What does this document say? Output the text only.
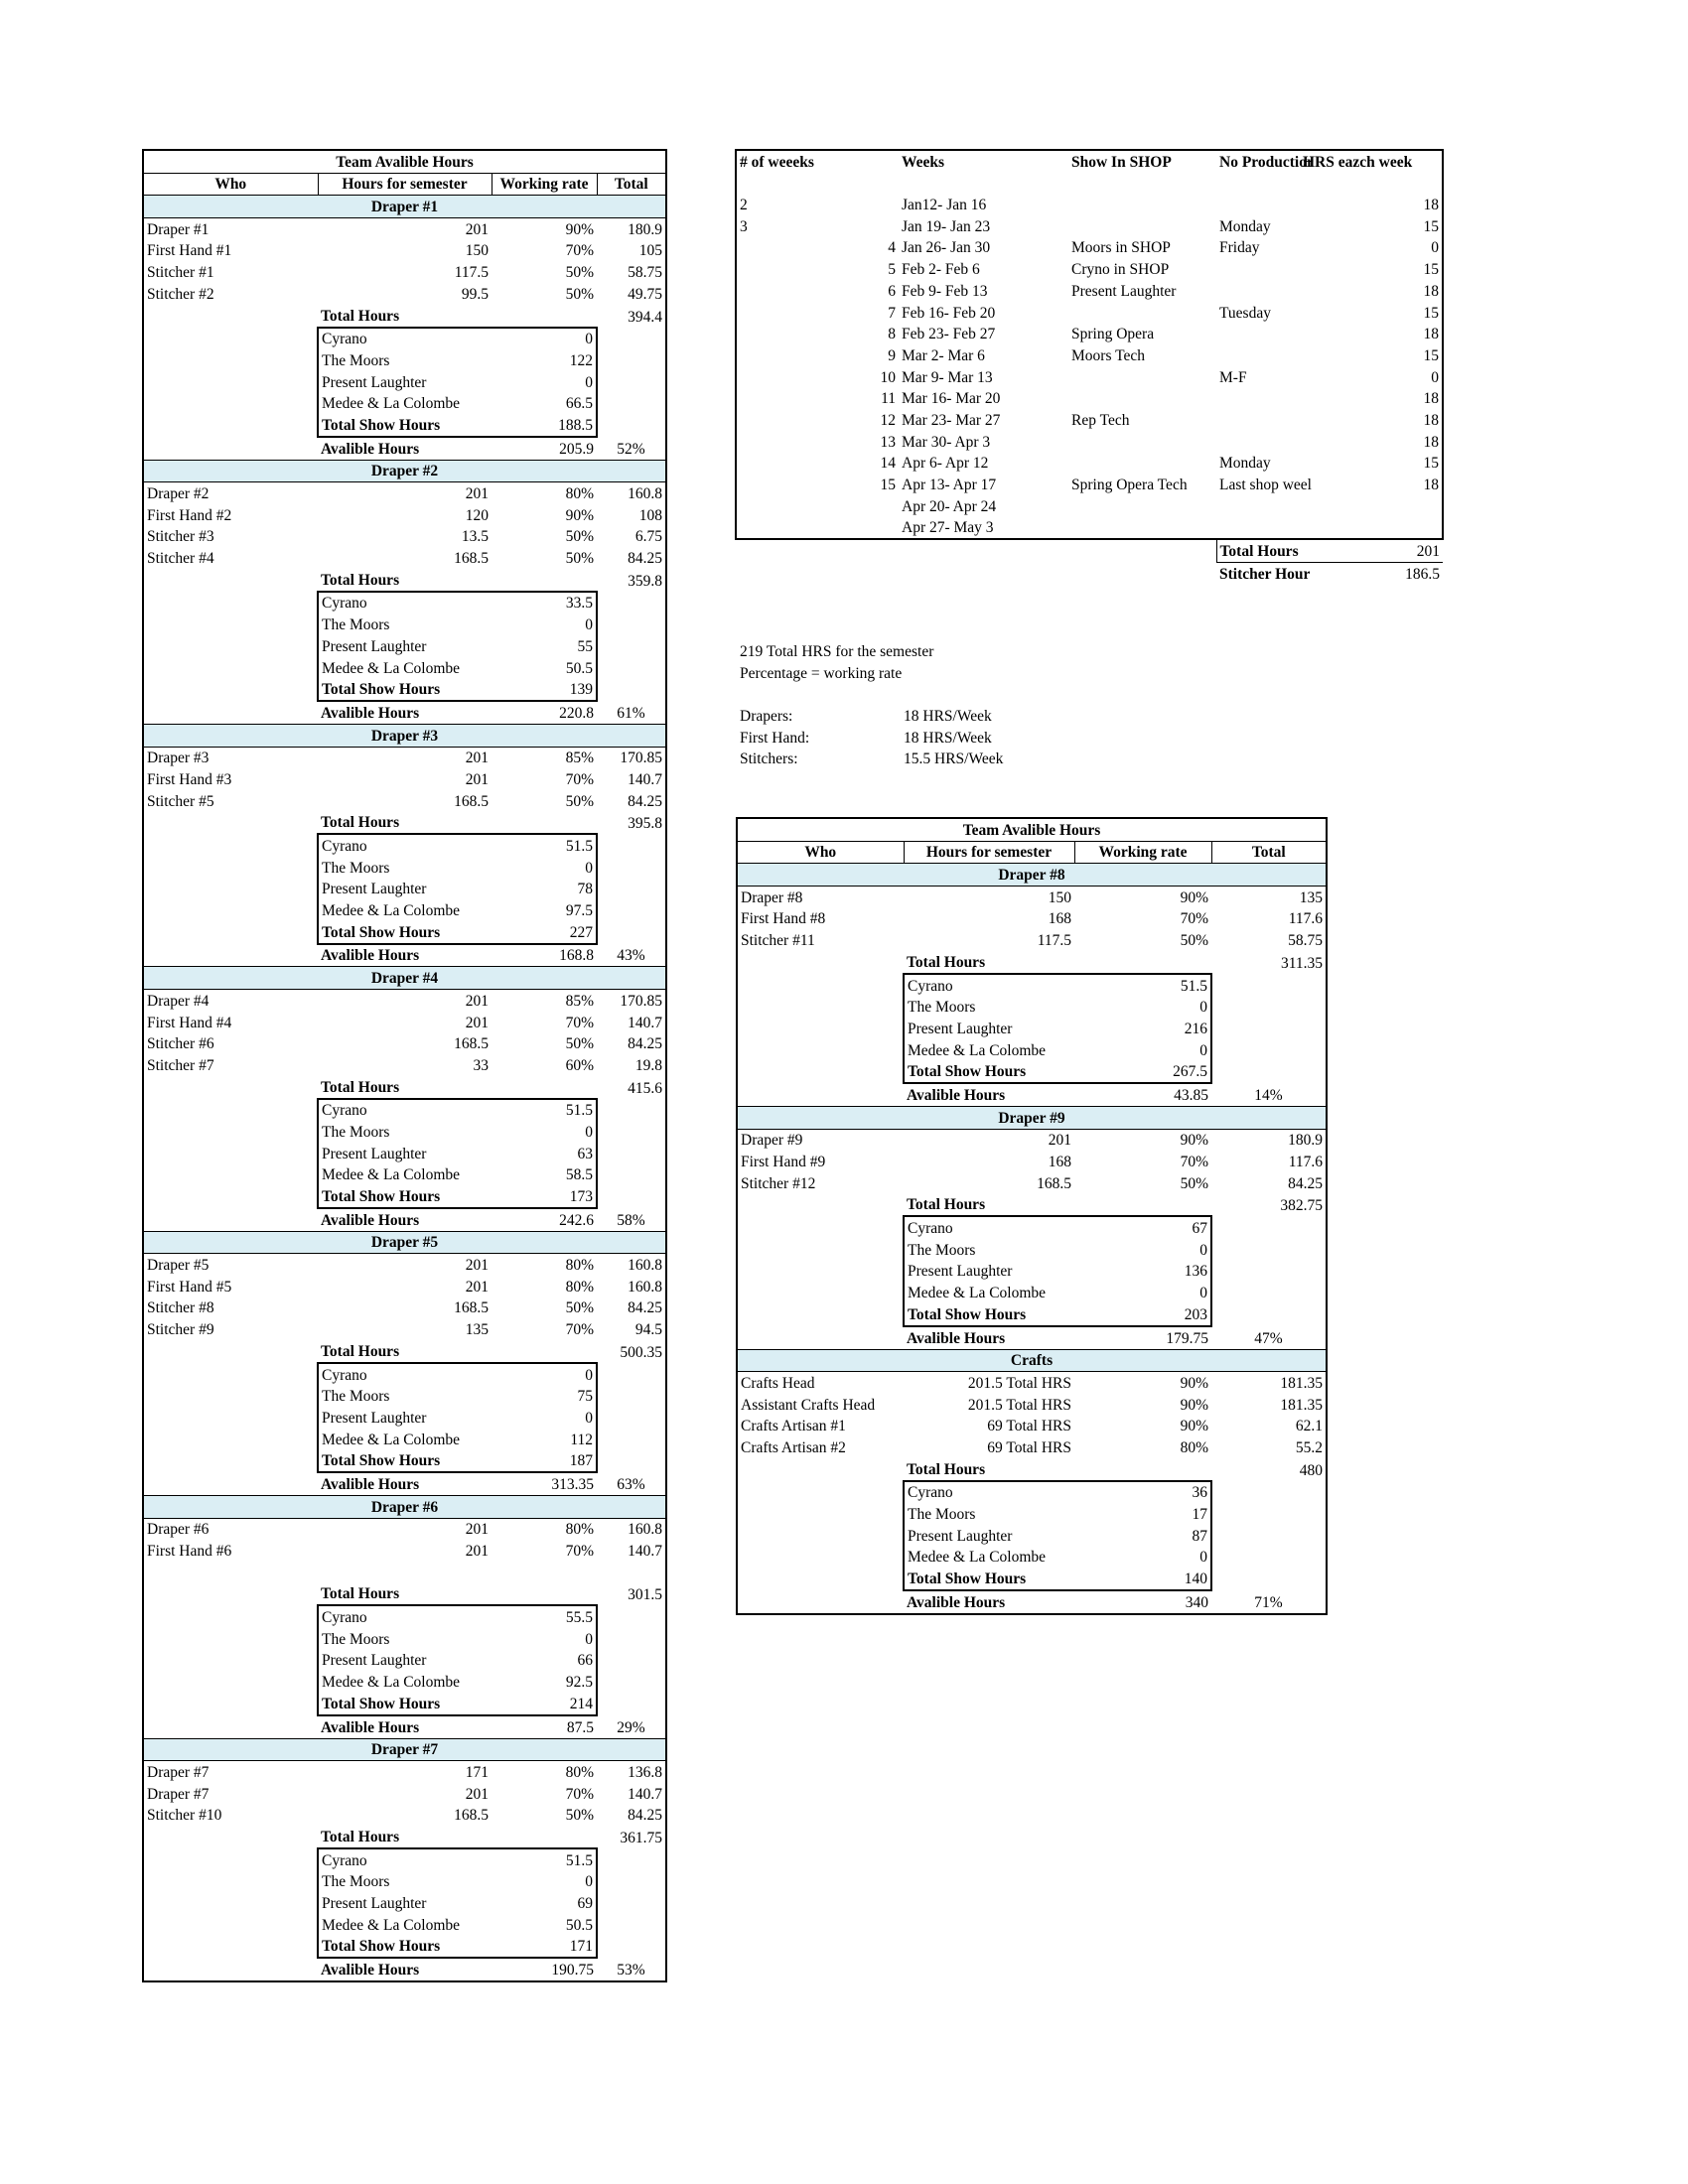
Team Avalible Hours			
Who	Hours for semester	Working rate	Total
Draper #1			
Draper #1	201	90%	180.9
First Hand #1	150	70%	105
Stitcher #1	117.5	50%	58.75
Stitcher #2	99.5	50%	49.75
	Total Hours		394.4
	Cyrano	0	
	The Moors	122	
	Present Laughter	0	
	Medee & La Colombe	66.5	
	Total Show Hours	188.5	
	Avalible Hours	205.9	52%
Draper #2			
Draper #2	201	80%	160.8
First Hand #2	120	90%	108
Stitcher #3	13.5	50%	6.75
Stitcher #4	168.5	50%	84.25
	Total Hours		359.8
	Cyrano	33.5	
	The Moors	0	
	Present Laughter	55	
	Medee & La Colombe	50.5	
	Total Show Hours	139	
	Avalible Hours	220.8	61%
Draper #3			
Draper #3	201	85%	170.85
First Hand #3	201	70%	140.7
Stitcher #5	168.5	50%	84.25
	Total Hours		395.8
	Cyrano	51.5	
	The Moors	0	
	Present Laughter	78	
	Medee & La Colombe	97.5	
	Total Show Hours	227	
	Avalible Hours	168.8	43%
Draper #4			
Draper #4	201	85%	170.85
First Hand #4	201	70%	140.7
Stitcher #6	168.5	50%	84.25
Stitcher #7	33	60%	19.8
	Total Hours		415.6
	Cyrano	51.5	
	The Moors	0	
	Present Laughter	63	
	Medee & La Colombe	58.5	
	Total Show Hours	173	
	Avalible Hours	242.6	58%
Draper #5			
Draper #5	201	80%	160.8
First Hand #5	201	80%	160.8
Stitcher #8	168.5	50%	84.25
Stitcher #9	135	70%	94.5
	Total Hours		500.35
	Cyrano	0	
	The Moors	75	
	Present Laughter	0	
	Medee & La Colombe	112	
	Total Show Hours	187	
	Avalible Hours	313.35	63%
Draper #6			
Draper #6	201	80%	160.8
First Hand #6	201	70%	140.7

	Total Hours		301.5
	Cyrano	55.5	
	The Moors	0	
	Present Laughter	66	
	Medee & La Colombe	92.5	
	Total Show Hours	214	
	Avalible Hours	87.5	29%
Draper #7			
Draper #7	171	80%	136.8
Draper #7	201	70%	140.7
Stitcher #10	168.5	50%	84.25
	Total Hours		361.75
	Cyrano	51.5	
	The Moors	0	
	Present Laughter	69	
	Medee & La Colombe	50.5	
	Total Show Hours	171	
	Avalible Hours	190.75	53%
# of weeeks		Weeks	Show In SHOP	No Productior	HRS eazch week

2		Jan12- Jan 16			18
3		Jan 19- Jan 23		Monday	15
	4	Jan 26- Jan 30	Moors in SHOP	Friday	0
	5	Feb 2- Feb 6	Cryno in SHOP		15
	6	Feb 9- Feb 13	Present Laughter		18
	7	Feb 16- Feb 20		Tuesday	15
	8	Feb 23- Feb 27	Spring Opera		18
	9	Mar 2- Mar 6	Moors Tech		15
	10	Mar 9- Mar 13		M-F	0
	11	Mar 16- Mar 20			18
	12	Mar 23- Mar 27	Rep Tech		18
	13	Mar 30- Apr 3			18
	14	Apr 6- Apr 12		Monday	15
	15	Apr 13- Apr 17	Spring Opera Tech	Last shop weel	18
		Apr 20- Apr 24			
		Apr 27- May 3			
				Total Hours	201
				Stitcher Hour	186.5
219 Total HRS for the semester
Percentage = working rate
Drapers:	18 HRS/Week
First Hand:	18 HRS/Week
Stitchers:	15.5 HRS/Week
Team Avalible Hours			
Who	Hours for semester	Working rate	Total
Draper #8			
Draper #8	150	90%	135
First Hand #8	168	70%	117.6
Stitcher #11	117.5	50%	58.75
	Total Hours		311.35
	Cyrano	51.5	
	The Moors	0	
	Present Laughter	216	
	Medee & La Colombe	0	
	Total Show Hours	267.5	
	Avalible Hours	43.85	14%
Draper #9			
Draper #9	201	90%	180.9
First Hand #9	168	70%	117.6
Stitcher #12	168.5	50%	84.25
	Total Hours		382.75
	Cyrano	67	
	The Moors	0	
	Present Laughter	136	
	Medee & La Colombe	0	
	Total Show Hours	203	
	Avalible Hours	179.75	47%
Crafts			
Crafts Head	201.5 Total HRS	90%	181.35
Assistant Crafts Head	201.5 Total HRS	90%	181.35
Crafts Artisan #1	69 Total HRS	90%	62.1
Crafts Artisan #2	69 Total HRS	80%	55.2
	Total Hours		480
	Cyrano	36	
	The Moors	17	
	Present Laughter	87	
	Medee & La Colombe	0	
	Total Show Hours	140	
	Avalible Hours	340	71%
